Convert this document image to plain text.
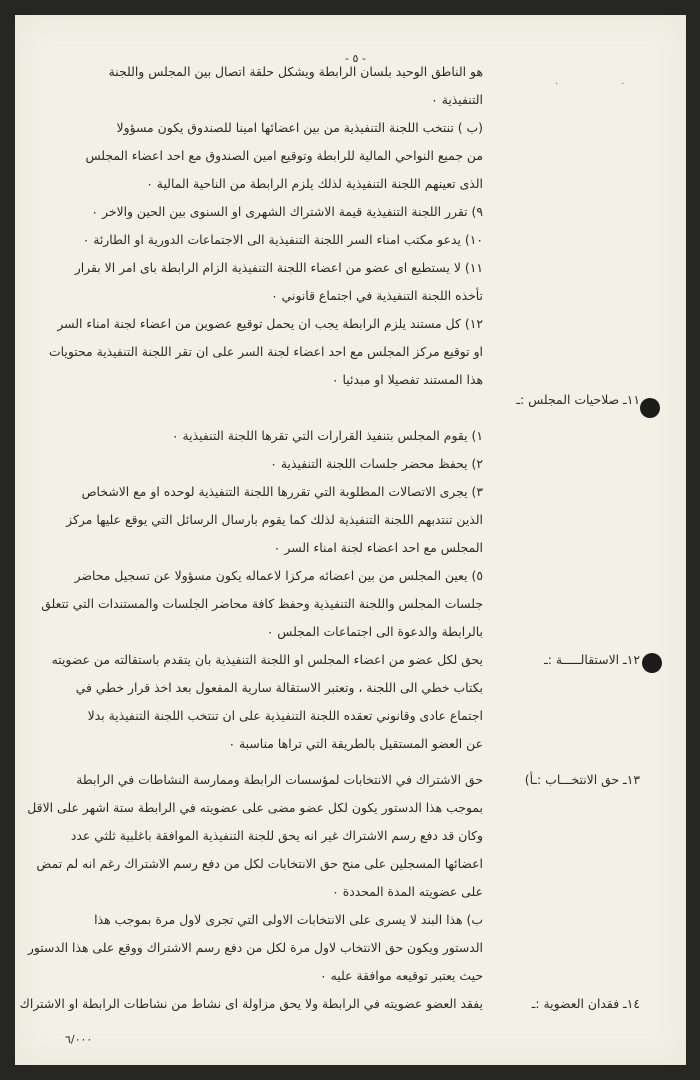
- ٥ -
· ·
هو الناطق الوحيد بلسان الرابطة ويشكل حلقة اتصال بين المجلس واللجنة
التنفيذية ٠
(ب ) تنتخب اللجنة التنفيذية من بين اعضائها امينا للصندوق يكون مسؤولا
من جميع النواحي المالية للرابطة وتوقيع امين الصندوق مع احد اعضاء المجلس
الذى تعينهم اللجنة التنفيذية لذلك يلزم الرابطة من الناحية المالية ٠
٩) تقرر اللجنة التنفيذية قيمة الاشتراك الشهرى او السنوى بين الحين والاخر ٠
١٠) يدعو مكتب امناء السر اللجنة التنفيذية الى الاجتماعات الدورية او الطارئة ٠
١١) لا يستطيع اى عضو من اعضاء اللجنة التنفيذية الزام الرابطة باى امر الا بقرار
تأخذه اللجنة التنفيذية في اجتماع قانوني ٠
١٢) كل مستند يلزم الرابطة يجب ان يحمل توقيع عضوين من اعضاء لجنة امناء السر
او توقيع مركز المجلس مع احد اعضاء لجنة السر على ان تقر اللجنة التنفيذية محتويات
هذا المستند تفصيلا او مبدئيا ٠
١) يقوم المجلس بتنفيذ القرارات التي تقرها اللجنة التنفيذية ٠
٢) يحفظ محضر جلسات اللجنة التنفيذية ٠
٣) يجرى الاتصالات المطلوبة التي تقررها اللجنة التنفيذية لوحده او مع الاشخاص
الذين تنتدبهم اللجنة التنفيذية لذلك كما يقوم بارسال الرسائل التي يوقع عليها مركز
المجلس مع احد اعضاء لجنة امناء السر ٠
٥) يعين المجلس من بين اعضائه مركزا لاعماله يكون مسؤولا عن تسجيل محاضر
جلسات المجلس واللجنة التنفيذية وحفظ كافة محاضر الجلسات والمستندات التي تتعلق
بالرابطة والدعوة الى اجتماعات المجلس ٠
يحق لكل عضو من اعضاء المجلس او اللجنة التنفيذية بان يتقدم باستقالته من عضويته
بكتاب خطي الى اللجنة ، وتعتبر الاستقالة سارية المفعول بعد اخذ قرار خطي في
اجتماع عادى وقانوني تعقده اللجنة التنفيذية على ان تنتخب اللجنة التنفيذية بدلا
عن العضو المستقيل بالطريقة التي تراها مناسبة ٠
حق الاشتراك في الانتخابات لمؤسسات الرابطة وممارسة النشاطات في الرابطة
بموجب هذا الدستور يكون لكل عضو مضى على عضويته في الرابطة ستة اشهر على الاقل
وكان قد دفع رسم الاشتراك غير انه يحق للجنة التنفيذية الموافقة باغلبية ثلثي عدد
اعضائها المسجلين على منح حق الانتخابات لكل من دفع رسم الاشتراك رغم انه لم تمض
على عضويته المدة المحددة ٠
ب) هذا البند لا يسرى على الانتخابات الاولى التي تجرى لاول مرة بموجب هذا
الدستور ويكون حق الانتخاب لاول مرة لكل من دفع رسم الاشتراك ووقع على هذا الدستور
حيث يعتبر توقيعه موافقة عليه ٠
يفقد العضو عضويته في الرابطة ولا يحق مزاولة اى نشاط من نشاطات الرابطة او الاشتراك
١١ـ صلاحيات المجلس :ـ
١٢ـ الاستقالـــــة :ـ
١٣ـ حق الانتخـــاب :ـأ)
١٤ـ فقدان العضوية :ـ
٦/٠٠٠
